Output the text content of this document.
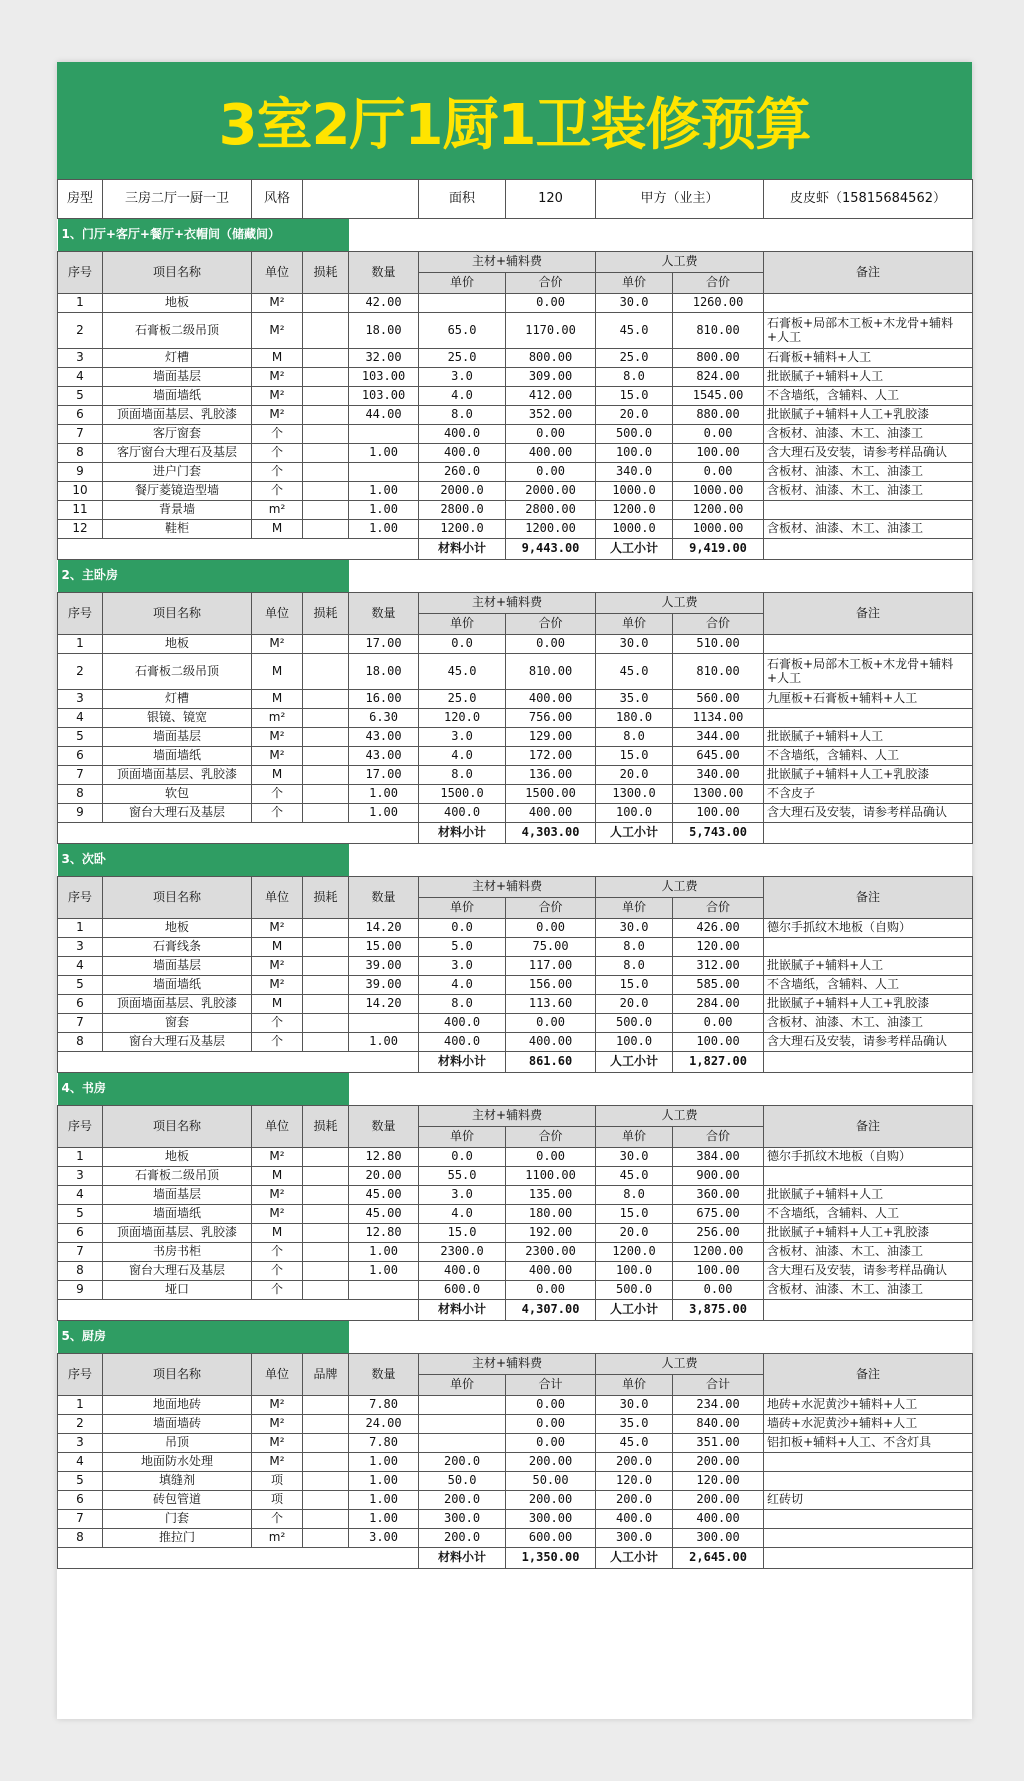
3室2厅1厨1卫装修预算
房型	三房二厅一厨一卫	风格		面积	120	甲方（业主）	皮皮虾（15815684562）
1、门厅+客厅+餐厅+衣帽间（储藏间）									
序号	项目名称	单位	损耗	数量	主材+辅料费		人工费		备注
					单价	合价	单价	合价	
1	地板	M²		42.00		0.00	30.0	1260.00	
2	石膏板二级吊顶	M²		18.00	65.0	1170.00	45.0	810.00	石膏板+局部木工板+木龙骨+辅料+人工
3	灯槽	M		32.00	25.0	800.00	25.0	800.00	石膏板+辅料+人工
4	墙面基层	M²		103.00	3.0	309.00	8.0	824.00	批嵌腻子+辅料+人工
5	墙面墙纸	M²		103.00	4.0	412.00	15.0	1545.00	不含墙纸，含辅料、人工
6	顶面墙面基层、乳胶漆	M²		44.00	8.0	352.00	20.0	880.00	批嵌腻子+辅料+人工+乳胶漆
7	客厅窗套	个			400.0	0.00	500.0	0.00	含板材、油漆、木工、油漆工
8	客厅窗台大理石及基层	个		1.00	400.0	400.00	100.0	100.00	含大理石及安装，请参考样品确认
9	进户门套	个			260.0	0.00	340.0	0.00	含板材、油漆、木工、油漆工
10	餐厅菱镜造型墙	个		1.00	2000.0	2000.00	1000.0	1000.00	含板材、油漆、木工、油漆工
11	背景墙	m²		1.00	2800.0	2800.00	1200.0	1200.00	
12	鞋柜	M		1.00	1200.0	1200.00	1000.0	1000.00	含板材、油漆、木工、油漆工
					材料小计	9,443.00	人工小计	9,419.00	
2、主卧房									
序号	项目名称	单位	损耗	数量	主材+辅料费		人工费		备注
					单价	合价	单价	合价	
1	地板	M²		17.00	0.0	0.00	30.0	510.00	
2	石膏板二级吊顶	M		18.00	45.0	810.00	45.0	810.00	石膏板+局部木工板+木龙骨+辅料+人工
3	灯槽	M		16.00	25.0	400.00	35.0	560.00	九厘板+石膏板+辅料+人工
4	银镜、镜宽	m²		6.30	120.0	756.00	180.0	1134.00	
5	墙面基层	M²		43.00	3.0	129.00	8.0	344.00	批嵌腻子+辅料+人工
6	墙面墙纸	M²		43.00	4.0	172.00	15.0	645.00	不含墙纸，含辅料、人工
7	顶面墙面基层、乳胶漆	M		17.00	8.0	136.00	20.0	340.00	批嵌腻子+辅料+人工+乳胶漆
8	软包	个		1.00	1500.0	1500.00	1300.0	1300.00	不含皮子
9	窗台大理石及基层	个		1.00	400.0	400.00	100.0	100.00	含大理石及安装，请参考样品确认
					材料小计	4,303.00	人工小计	5,743.00	
3、次卧									
序号	项目名称	单位	损耗	数量	主材+辅料费		人工费		备注
					单价	合价	单价	合价	
1	地板	M²		14.20	0.0	0.00	30.0	426.00	德尔手抓纹木地板（自购）
3	石膏线条	M		15.00	5.0	75.00	8.0	120.00	
4	墙面基层	M²		39.00	3.0	117.00	8.0	312.00	批嵌腻子+辅料+人工
5	墙面墙纸	M²		39.00	4.0	156.00	15.0	585.00	不含墙纸，含辅料、人工
6	顶面墙面基层、乳胶漆	M		14.20	8.0	113.60	20.0	284.00	批嵌腻子+辅料+人工+乳胶漆
7	窗套	个			400.0	0.00	500.0	0.00	含板材、油漆、木工、油漆工
8	窗台大理石及基层	个		1.00	400.0	400.00	100.0	100.00	含大理石及安装，请参考样品确认
					材料小计	861.60	人工小计	1,827.00	
4、书房									
序号	项目名称	单位	损耗	数量	主材+辅料费		人工费		备注
					单价	合价	单价	合价	
1	地板	M²		12.80	0.0	0.00	30.0	384.00	德尔手抓纹木地板（自购）
3	石膏板二级吊顶	M		20.00	55.0	1100.00	45.0	900.00	
4	墙面基层	M²		45.00	3.0	135.00	8.0	360.00	批嵌腻子+辅料+人工
5	墙面墙纸	M²		45.00	4.0	180.00	15.0	675.00	不含墙纸，含辅料、人工
6	顶面墙面基层、乳胶漆	M		12.80	15.0	192.00	20.0	256.00	批嵌腻子+辅料+人工+乳胶漆
7	书房书柜	个		1.00	2300.0	2300.00	1200.0	1200.00	含板材、油漆、木工、油漆工
8	窗台大理石及基层	个		1.00	400.0	400.00	100.0	100.00	含大理石及安装，请参考样品确认
9	垭口	个			600.0	0.00	500.0	0.00	含板材、油漆、木工、油漆工
					材料小计	4,307.00	人工小计	3,875.00	
5、厨房									
序号	项目名称	单位	品牌	数量	主材+辅料费		人工费		备注
					单价	合计	单价	合计	
1	地面地砖	M²		7.80		0.00	30.0	234.00	地砖+水泥黄沙+辅料+人工
2	墙面墙砖	M²		24.00		0.00	35.0	840.00	墙砖+水泥黄沙+辅料+人工
3	吊顶	M²		7.80		0.00	45.0	351.00	铝扣板+辅料+人工、不含灯具
4	地面防水处理	M²		1.00	200.0	200.00	200.0	200.00	
5	填缝剂	项		1.00	50.0	50.00	120.0	120.00	
6	砖包管道	项		1.00	200.0	200.00	200.0	200.00	红砖切
7	门套	个		1.00	300.0	300.00	400.0	400.00	
8	推拉门	m²		3.00	200.0	600.00	300.0	300.00	
					材料小计	1,350.00	人工小计	2,645.00	
